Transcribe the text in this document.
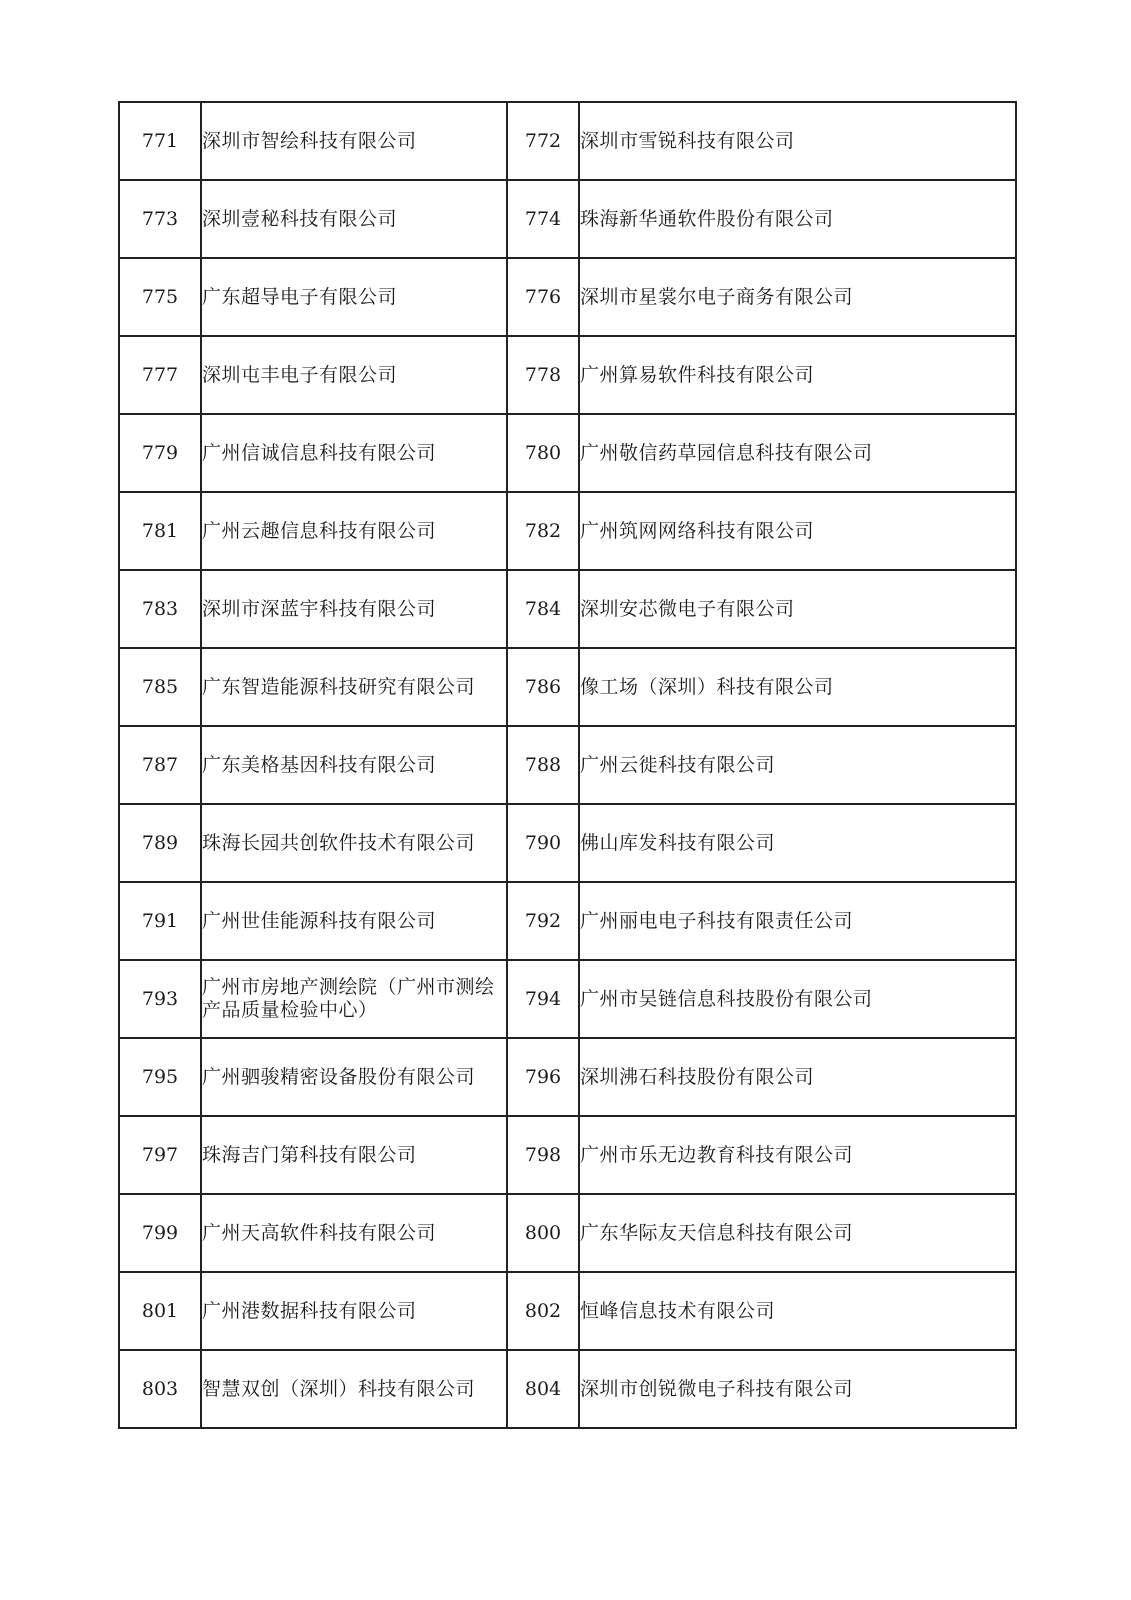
771	深圳市智绘科技有限公司	772	深圳市雪锐科技有限公司
773	深圳壹秘科技有限公司	774	珠海新华通软件股份有限公司
775	广东超导电子有限公司	776	深圳市星裳尔电子商务有限公司
777	深圳屯丰电子有限公司	778	广州算易软件科技有限公司
779	广州信诚信息科技有限公司	780	广州敬信药草园信息科技有限公司
781	广州云趣信息科技有限公司	782	广州筑网网络科技有限公司
783	深圳市深蓝宇科技有限公司	784	深圳安芯微电子有限公司
785	广东智造能源科技研究有限公司	786	像工场（深圳）科技有限公司
787	广东美格基因科技有限公司	788	广州云徙科技有限公司
789	珠海长园共创软件技术有限公司	790	佛山库发科技有限公司
791	广州世佳能源科技有限公司	792	广州丽电电子科技有限责任公司
793	广州市房地产测绘院（广州市测绘产品质量检验中心）	794	广州市吴链信息科技股份有限公司
795	广州驷骏精密设备股份有限公司	796	深圳沸石科技股份有限公司
797	珠海吉门第科技有限公司	798	广州市乐无边教育科技有限公司
799	广州天高软件科技有限公司	800	广东华际友天信息科技有限公司
801	广州港数据科技有限公司	802	恒峰信息技术有限公司
803	智慧双创（深圳）科技有限公司	804	深圳市创锐微电子科技有限公司
